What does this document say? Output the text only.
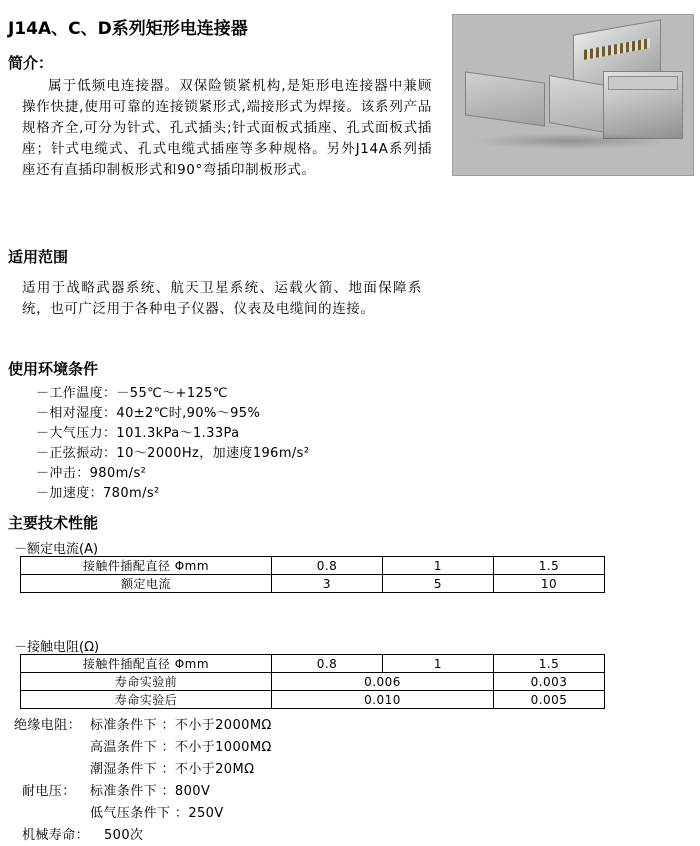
J14A、C、D系列矩形电连接器
简介：
属于低频电连接器。双保险锁紧机构,是矩形电连接器中兼顾操作快捷,使用可靠的连接锁紧形式,端接形式为焊接。该系列产品规格齐全,可分为针式、孔式插头;针式面板式插座、孔式面板式插座；针式电缆式、孔式电缆式插座等多种规格。另外J14A系列插座还有直插印制板形式和90°弯插印制板形式。
适用范围
适用于战略武器系统、航天卫星系统、运载火箭、地面保障系统，也可广泛用于各种电子仪器、仪表及电缆间的连接。
使用环境条件
－工作温度：－55℃～+125℃
－相对湿度：40±2℃时,90%～95%
－大气压力：101.3kPa～1.33Pa
－正弦振动：10～2000Hz，加速度196m/s²
－冲击：980m/s²
－加速度：780m/s²
主要技术性能
－额定电流(A)
接触件插配直径 Φmm	0.8	1	1.5
额定电流	3	5	10
－接触电阻(Ω)
接触件插配直径 Φmm	0.8	1	1.5
寿命实验前	0.006		0.003
寿命实验后	0.010		0.005
绝缘电阻： 标准条件下 ：不小于2000MΩ
高温条件下 ：不小于1000MΩ
潮湿条件下 ：不小于20MΩ
耐电压： 标准条件下 ：800V
低气压条件下 ：250V
机械寿命： 500次
